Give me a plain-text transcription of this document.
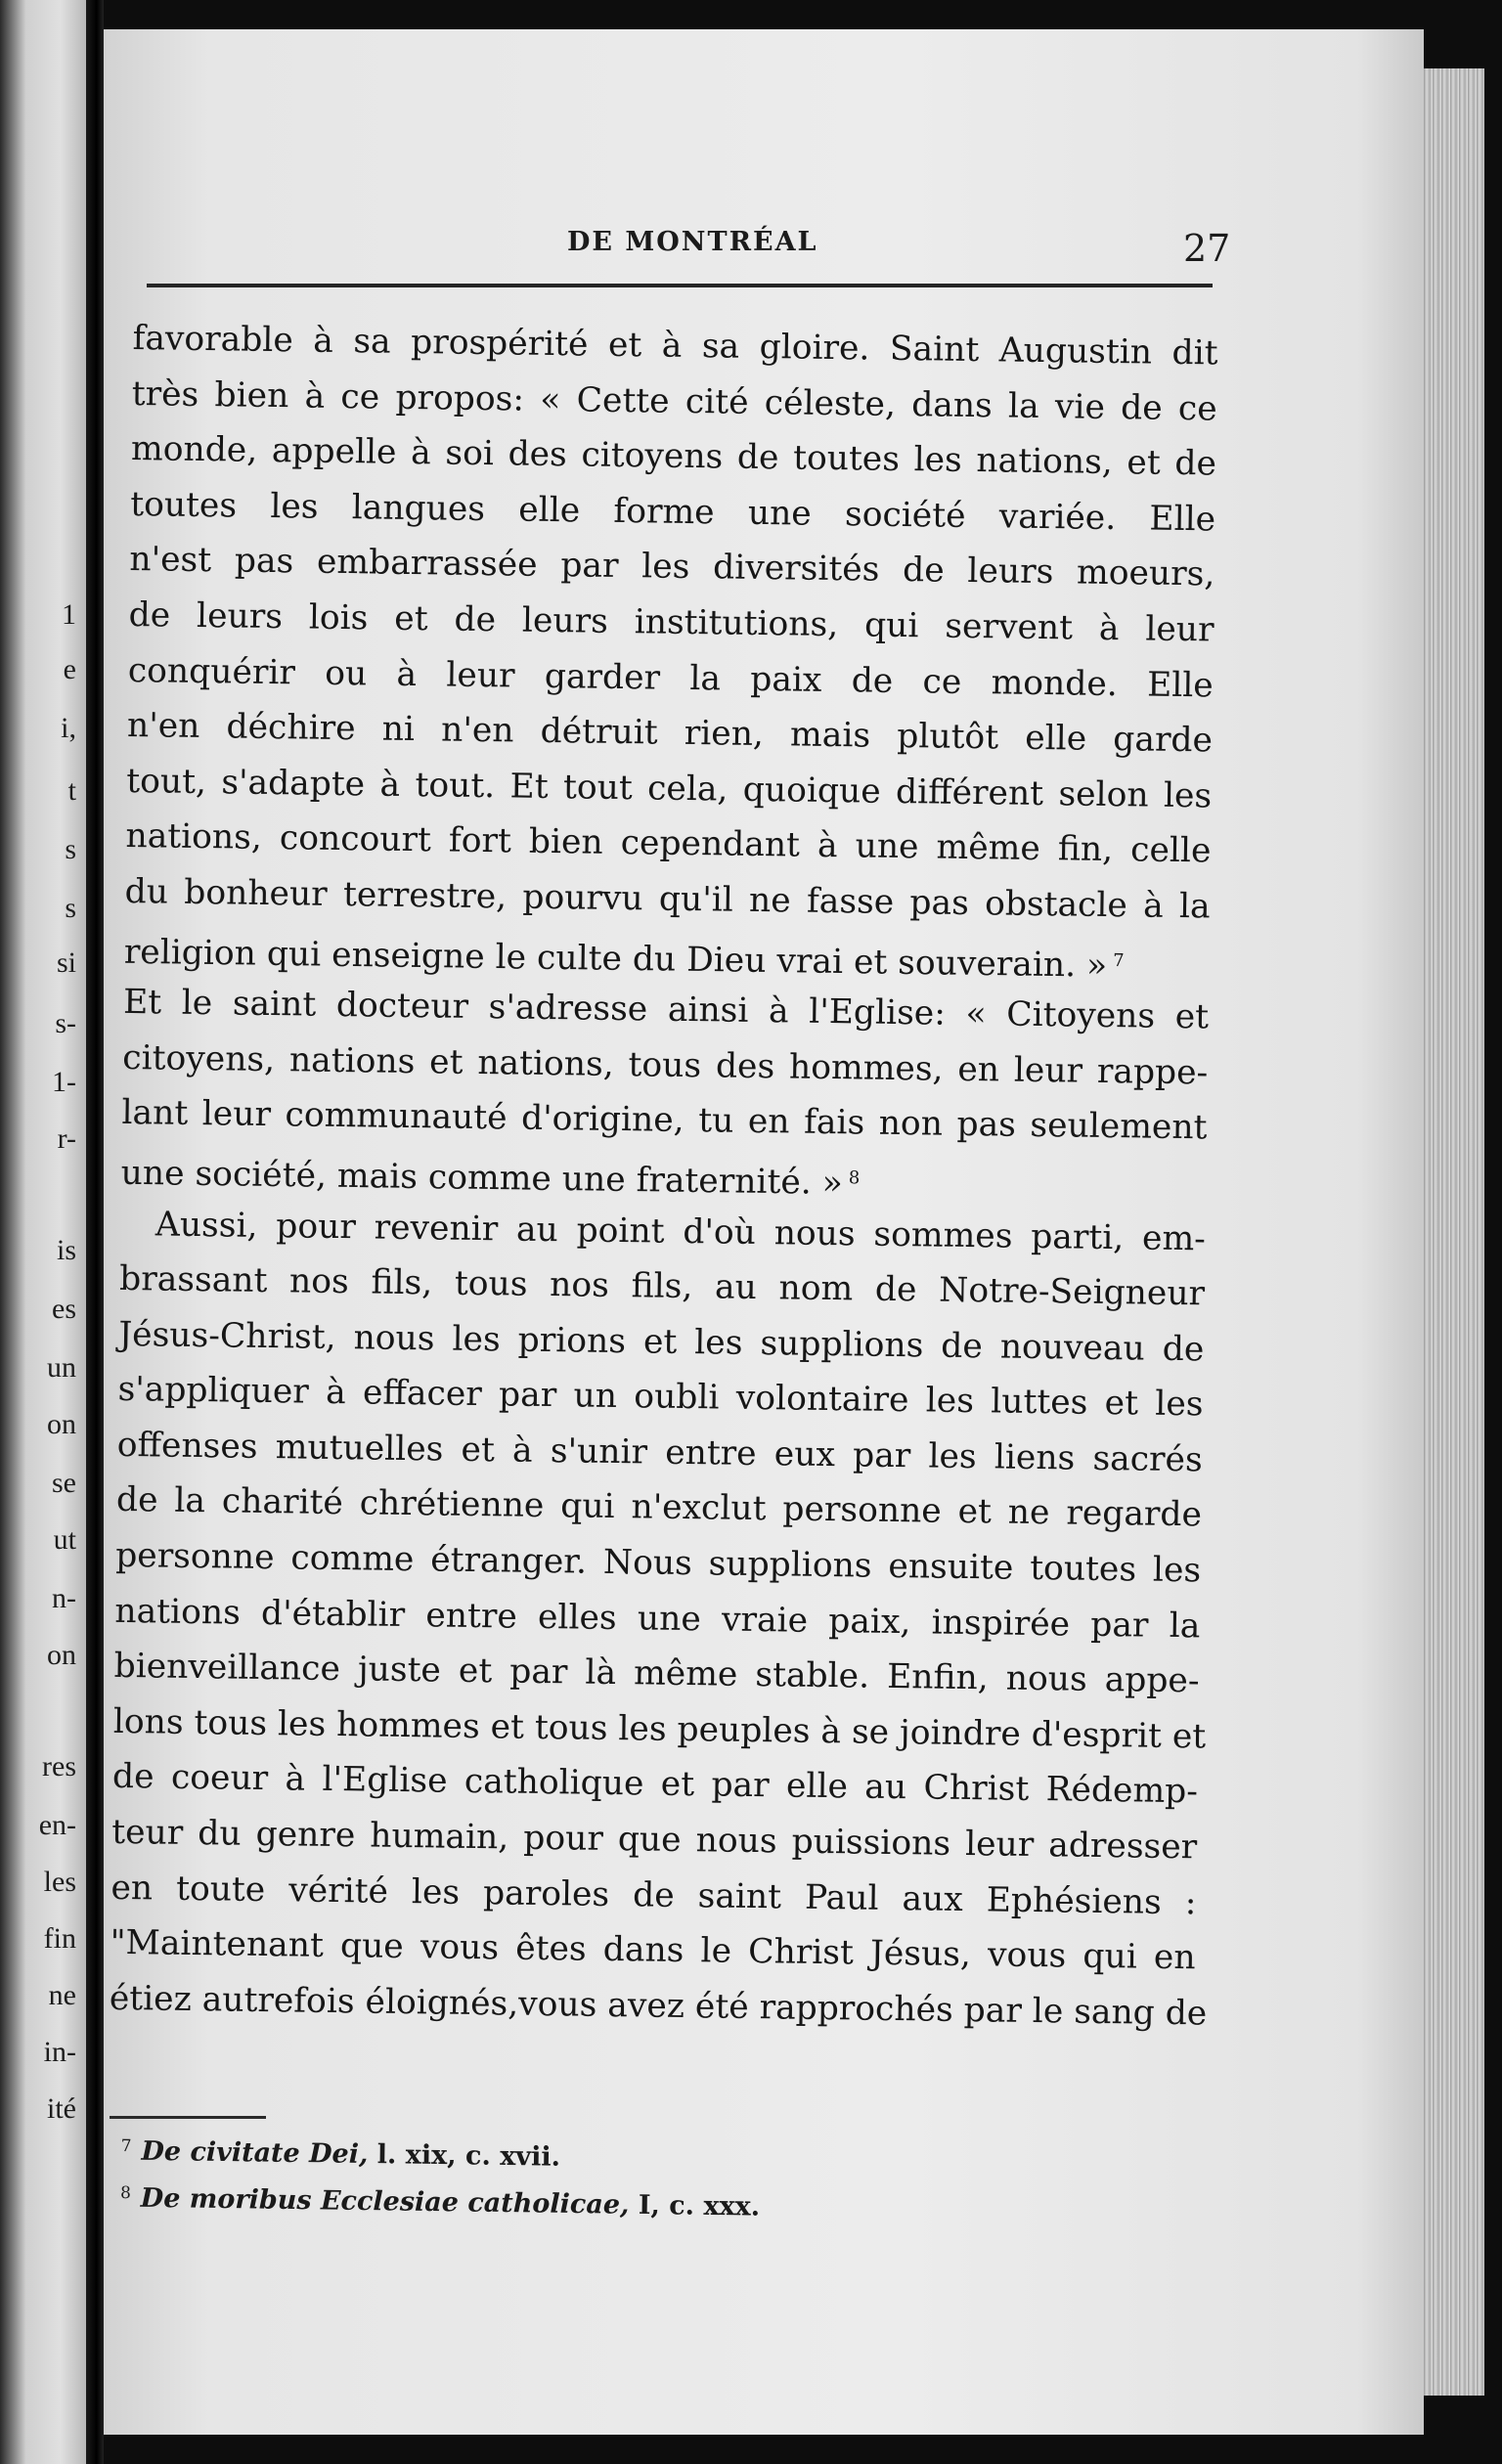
1
e
i,
t
s
s
si
s-
1-
r-
is
es
un
on
se
ut
n-
on
res
en-
les
fin
ne
in-
ité
DE MONTRÉAL	27
favorable à sa prospérité et à sa gloire. Saint Augustin dit
très bien à ce propos: « Cette cité céleste, dans la vie de ce
monde, appelle à soi des citoyens de toutes les nations, et de
toutes les langues elle forme une société variée. Elle
n'est pas embarrassée par les diversités de leurs moeurs,
de leurs lois et de leurs institutions, qui servent à leur
conquérir ou à leur garder la paix de ce monde. Elle
n'en déchire ni n'en détruit rien, mais plutôt elle garde
tout, s'adapte à tout. Et tout cela, quoique différent selon les
nations, concourt fort bien cependant à une même fin, celle
du bonheur terrestre, pourvu qu'il ne fasse pas obstacle à la
religion qui enseigne le culte du Dieu vrai et souverain. » $^7$
Et le saint docteur s'adresse ainsi à l'Eglise: « Citoyens et
citoyens, nations et nations, tous des hommes, en leur rappe-
lant leur communauté d'origine, tu en fais non pas seulement
une société, mais comme une fraternité. » $^8$
Aussi, pour revenir au point d'où nous sommes parti, em-
brassant nos fils, tous nos fils, au nom de Notre-Seigneur
Jésus-Christ, nous les prions et les supplions de nouveau de
s'appliquer à effacer par un oubli volontaire les luttes et les
offenses mutuelles et à s'unir entre eux par les liens sacrés
de la charité chrétienne qui n'exclut personne et ne regarde
personne comme étranger. Nous supplions ensuite toutes les
nations d'établir entre elles une vraie paix, inspirée par la
bienveillance juste et par là même stable. Enfin, nous appe-
lons tous les hommes et tous les peuples à se joindre d'esprit et
de coeur à l'Eglise catholique et par elle au Christ Rédemp-
teur du genre humain, pour que nous puissions leur adresser
en toute vérité les paroles de saint Paul aux Ephésiens :
"Maintenant que vous êtes dans le Christ Jésus, vous qui en
étiez autrefois éloignés,vous avez été rapprochés par le sang de
$^7$ De civitate Dei, l. xix, c. xvii.
$^8$ De moribus Ecclesiae catholicae, I, c. xxx.
